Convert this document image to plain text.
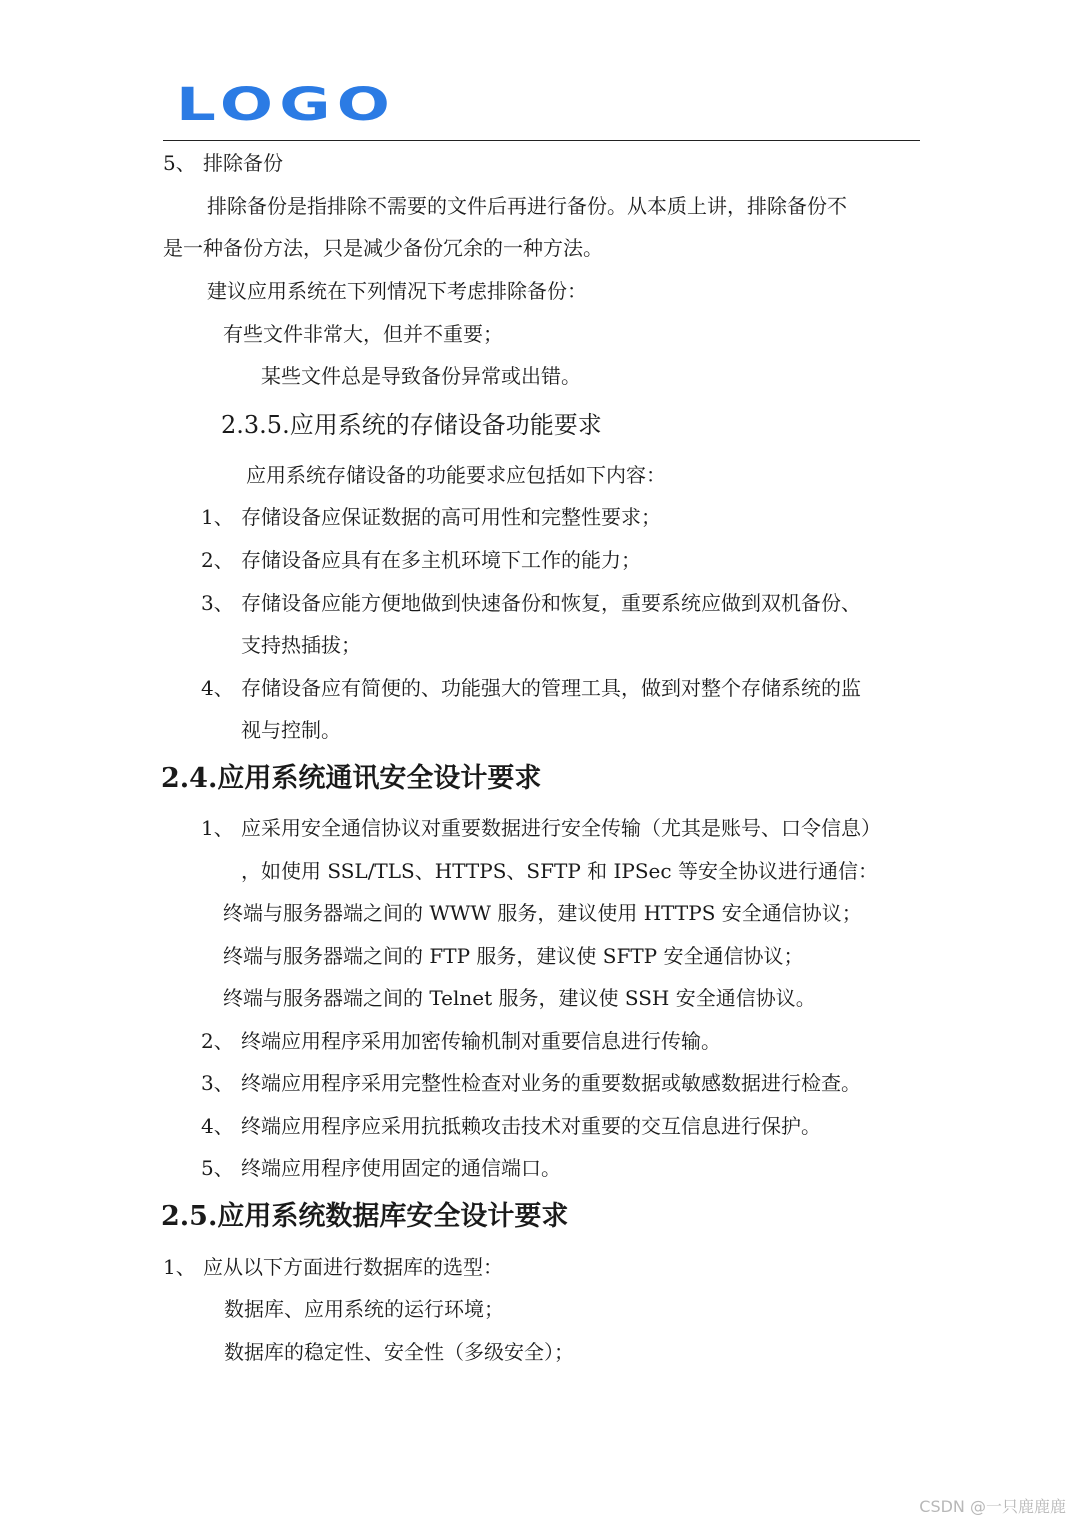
LOGO
5、 排除备份
排除备份是指排除不需要的文件后再进行备份。从本质上讲，排除备份不
是一种备份方法，只是减少备份冗余的一种方法。
建议应用系统在下列情况下考虑排除备份：
有些文件非常大，但并不重要；
某些文件总是导致备份异常或出错。
2.3.5.应用系统的存储设备功能要求
应用系统存储设备的功能要求应包括如下内容：
1、 存储设备应保证数据的高可用性和完整性要求；
2、 存储设备应具有在多主机环境下工作的能力；
3、 存储设备应能方便地做到快速备份和恢复，重要系统应做到双机备份、
支持热插拔；
4、 存储设备应有简便的、功能强大的管理工具，做到对整个存储系统的监
视与控制。
2.4.应用系统通讯安全设计要求
1、 应采用安全通信协议对重要数据进行安全传输（尤其是账号、口令信息）
，如使用 SSL/TLS、HTTPS、SFTP 和 IPSec 等安全协议进行通信：
终端与服务器端之间的 WWW 服务，建议使用 HTTPS 安全通信协议；
终端与服务器端之间的 FTP 服务，建议使 SFTP 安全通信协议；
终端与服务器端之间的 Telnet 服务，建议使 SSH 安全通信协议。
2、 终端应用程序采用加密传输机制对重要信息进行传输。
3、 终端应用程序采用完整性检查对业务的重要数据或敏感数据进行检查。
4、 终端应用程序应采用抗抵赖攻击技术对重要的交互信息进行保护。
5、 终端应用程序使用固定的通信端口。
2.5.应用系统数据库安全设计要求
1、 应从以下方面进行数据库的选型：
数据库、应用系统的运行环境；
数据库的稳定性、安全性（多级安全）；
CSDN @一只鹿鹿鹿
